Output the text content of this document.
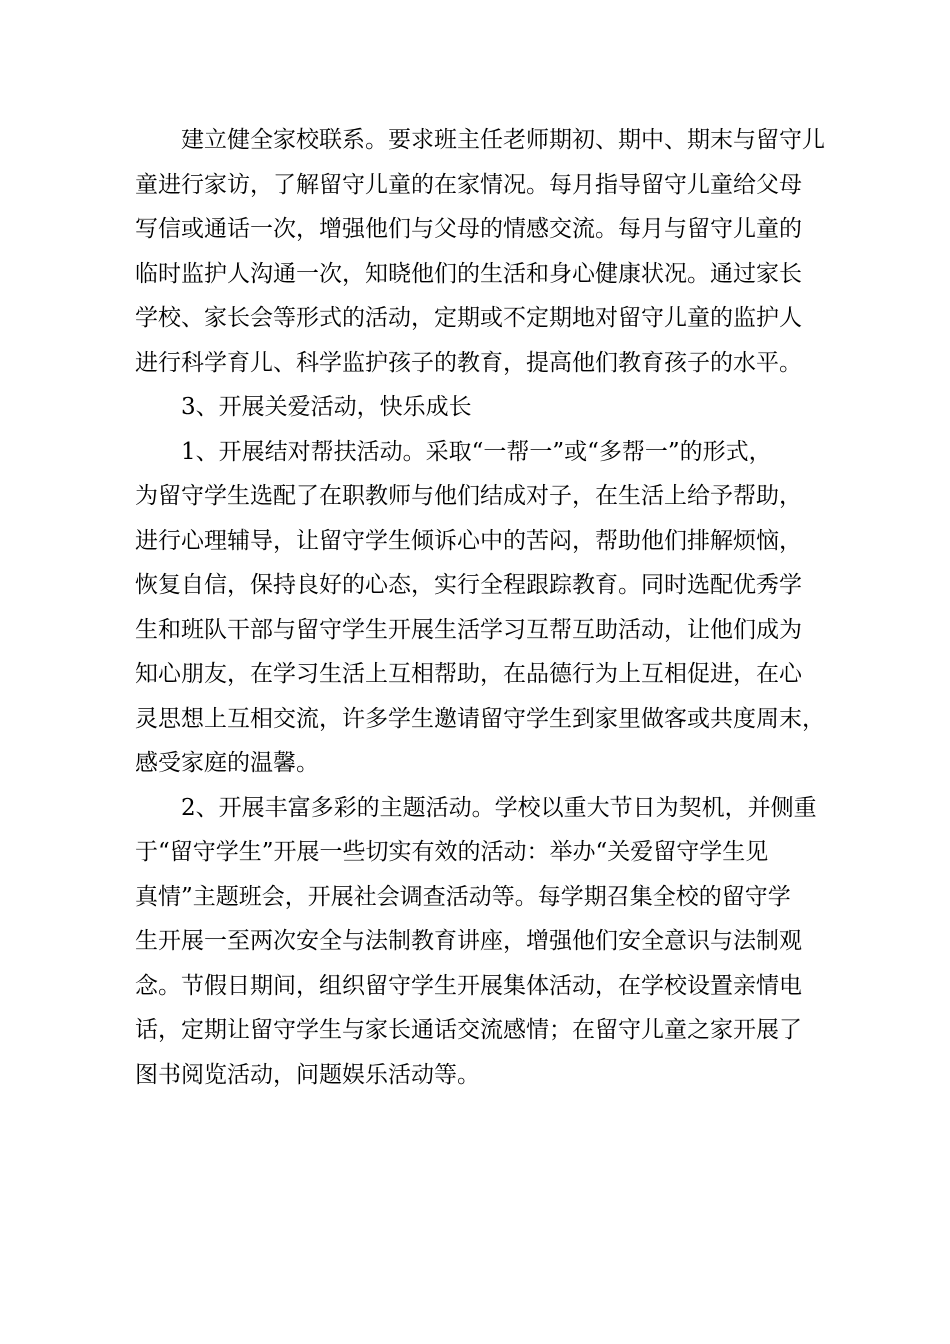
建立健全家校联系。要求班主任老师期初、期中、期末与留守儿
童进行家访，了解留守儿童的在家情况。每月指导留守儿童给父母
写信或通话一次，增强他们与父母的情感交流。每月与留守儿童的
临时监护人沟通一次，知晓他们的生活和身心健康状况。通过家长
学校、家长会等形式的活动，定期或不定期地对留守儿童的监护人
进行科学育儿、科学监护孩子的教育，提高他们教育孩子的水平。

3、开展关爱活动，快乐成长

1、开展结对帮扶活动。采取“一帮一”或“多帮一”的形式，
为留守学生选配了在职教师与他们结成对子，在生活上给予帮助，
进行心理辅导，让留守学生倾诉心中的苦闷，帮助他们排解烦恼，
恢复自信，保持良好的心态，实行全程跟踪教育。同时选配优秀学
生和班队干部与留守学生开展生活学习互帮互助活动，让他们成为
知心朋友，在学习生活上互相帮助，在品德行为上互相促进，在心
灵思想上互相交流，许多学生邀请留守学生到家里做客或共度周末，
感受家庭的温馨。

2、开展丰富多彩的主题活动。学校以重大节日为契机，并侧重
于“留守学生”开展一些切实有效的活动：举办“关爱留守学生见
真情”主题班会，开展社会调查活动等。每学期召集全校的留守学
生开展一至两次安全与法制教育讲座，增强他们安全意识与法制观
念。节假日期间，组织留守学生开展集体活动，在学校设置亲情电
话，定期让留守学生与家长通话交流感情；在留守儿童之家开展了
图书阅览活动，问题娱乐活动等。
